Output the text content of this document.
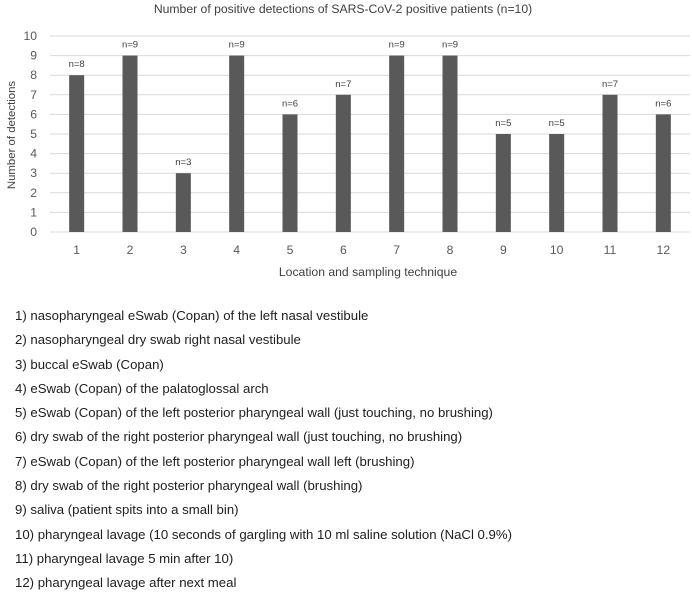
Number of positive detections of SARS-CoV-2 positive patients (n=10)
Number of detections
0
1
2
3
4
5
6
7
8
9
10
n=8
n=9
n=3
n=9
n=6
n=7
n=9	n=9
n=5	n=5
n=7
n=6
1	2	3	4	5	6	7	8	9	10	11	12
Location and sampling technique
1) nasopharyngeal eSwab (Copan) of the left nasal vestibule
2) nasopharyngeal dry swab right nasal vestibule
3) buccal eSwab (Copan)
4) eSwab (Copan) of the palatoglossal arch
5) eSwab (Copan) of the left posterior pharyngeal wall (just touching, no brushing)
6) dry swab of the right posterior pharyngeal wall (just touching, no brushing)
7) eSwab (Copan) of the left posterior pharyngeal wall left (brushing)
8) dry swab of the right posterior pharyngeal wall (brushing)
9) saliva (patient spits into a small bin)
10) pharyngeal lavage (10 seconds of gargling with 10 ml saline solution (NaCl 0.9%)
11) pharyngeal lavage 5 min after 10)
12) pharyngeal lavage after next meal
